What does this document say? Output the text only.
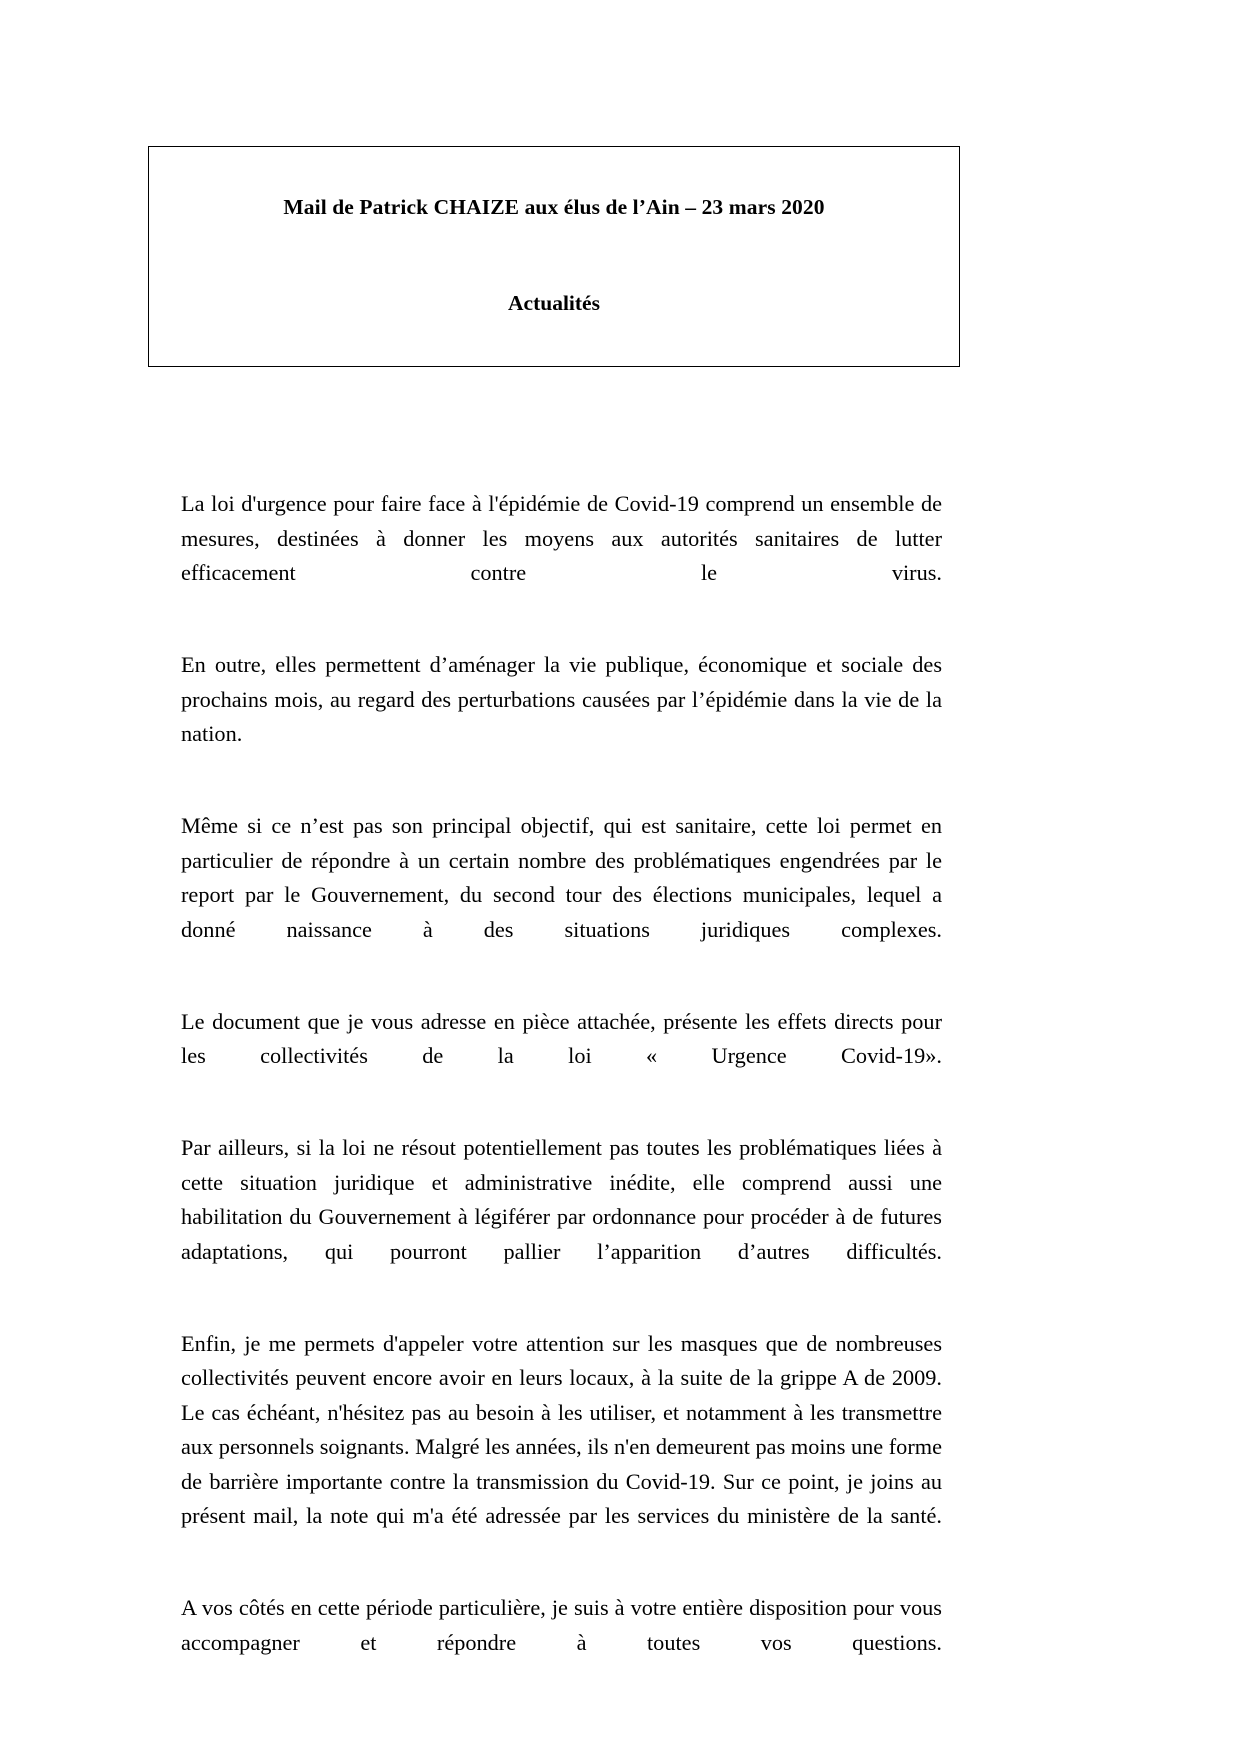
Mail de Patrick CHAIZE aux élus de l’Ain – 23 mars 2020
Actualités

La loi d'urgence pour faire face à l'épidémie de Covid-19 comprend un ensemble de mesures, destinées à donner les moyens aux autorités sanitaires de lutter efficacement contre le virus.

En outre, elles permettent d’aménager la vie publique, économique et sociale des prochains mois, au regard des perturbations causées par l’épidémie dans la vie de la nation.

Même si ce n’est pas son principal objectif, qui est sanitaire, cette loi permet en particulier de répondre à un certain nombre des problématiques engendrées par le report par le Gouvernement, du second tour des élections municipales, lequel a donné naissance à des situations juridiques complexes.

Le document que je vous adresse en pièce attachée, présente les effets directs pour les collectivités de la loi « Urgence Covid-19».

Par ailleurs, si la loi ne résout potentiellement pas toutes les problématiques liées à cette situation juridique et administrative inédite, elle comprend aussi une habilitation du Gouvernement à légiférer par ordonnance pour procéder à de futures adaptations, qui pourront pallier l’apparition d’autres difficultés.

Enfin, je me permets d'appeler votre attention sur les masques que de nombreuses collectivités peuvent encore avoir en leurs locaux, à la suite de la grippe A de 2009. Le cas échéant, n'hésitez pas au besoin à les utiliser, et notamment à les transmettre aux personnels soignants. Malgré les années, ils n'en demeurent pas moins une forme de barrière importante contre la transmission du Covid-19. Sur ce point, je joins au présent mail, la note qui m'a été adressée par les services du ministère de la santé.

A vos côtés en cette période particulière, je suis à votre entière disposition pour vous accompagner et répondre à toutes vos questions.
